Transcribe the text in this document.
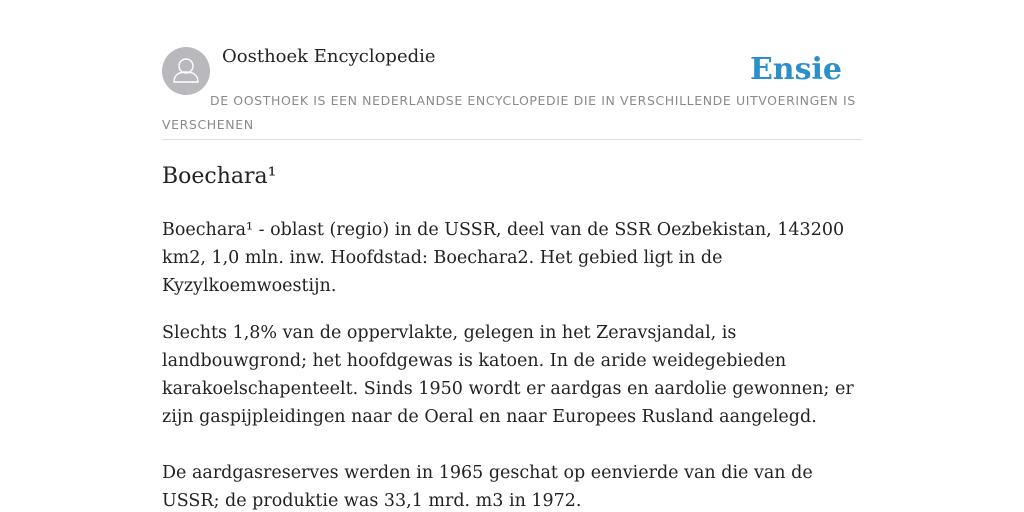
Oosthoek Encyclopedie	Ensie
DE OOSTHOEK IS EEN NEDERLANDSE ENCYCLOPEDIE DIE IN VERSCHILLENDE UITVOERINGEN IS VERSCHENEN
Boechara¹

Boechara¹ - oblast (regio) in de USSR, deel van de SSR Oezbekistan, 143200 km2, 1,0 mln. inw. Hoofdstad: Boechara2. Het gebied ligt in de Kyzylkoemwoestijn.

Slechts 1,8% van de oppervlakte, gelegen in het Zeravsjandal, is landbouwgrond; het hoofdgewas is katoen. In de aride weidegebieden karakoelschapenteelt. Sinds 1950 wordt er aardgas en aardolie gewonnen; er zijn gaspijpleidingen naar de Oeral en naar Europees Rusland aangelegd.

De aardgasreserves werden in 1965 geschat op eenvierde van die van de USSR; de produktie was 33,1 mrd. m3 in 1972.
